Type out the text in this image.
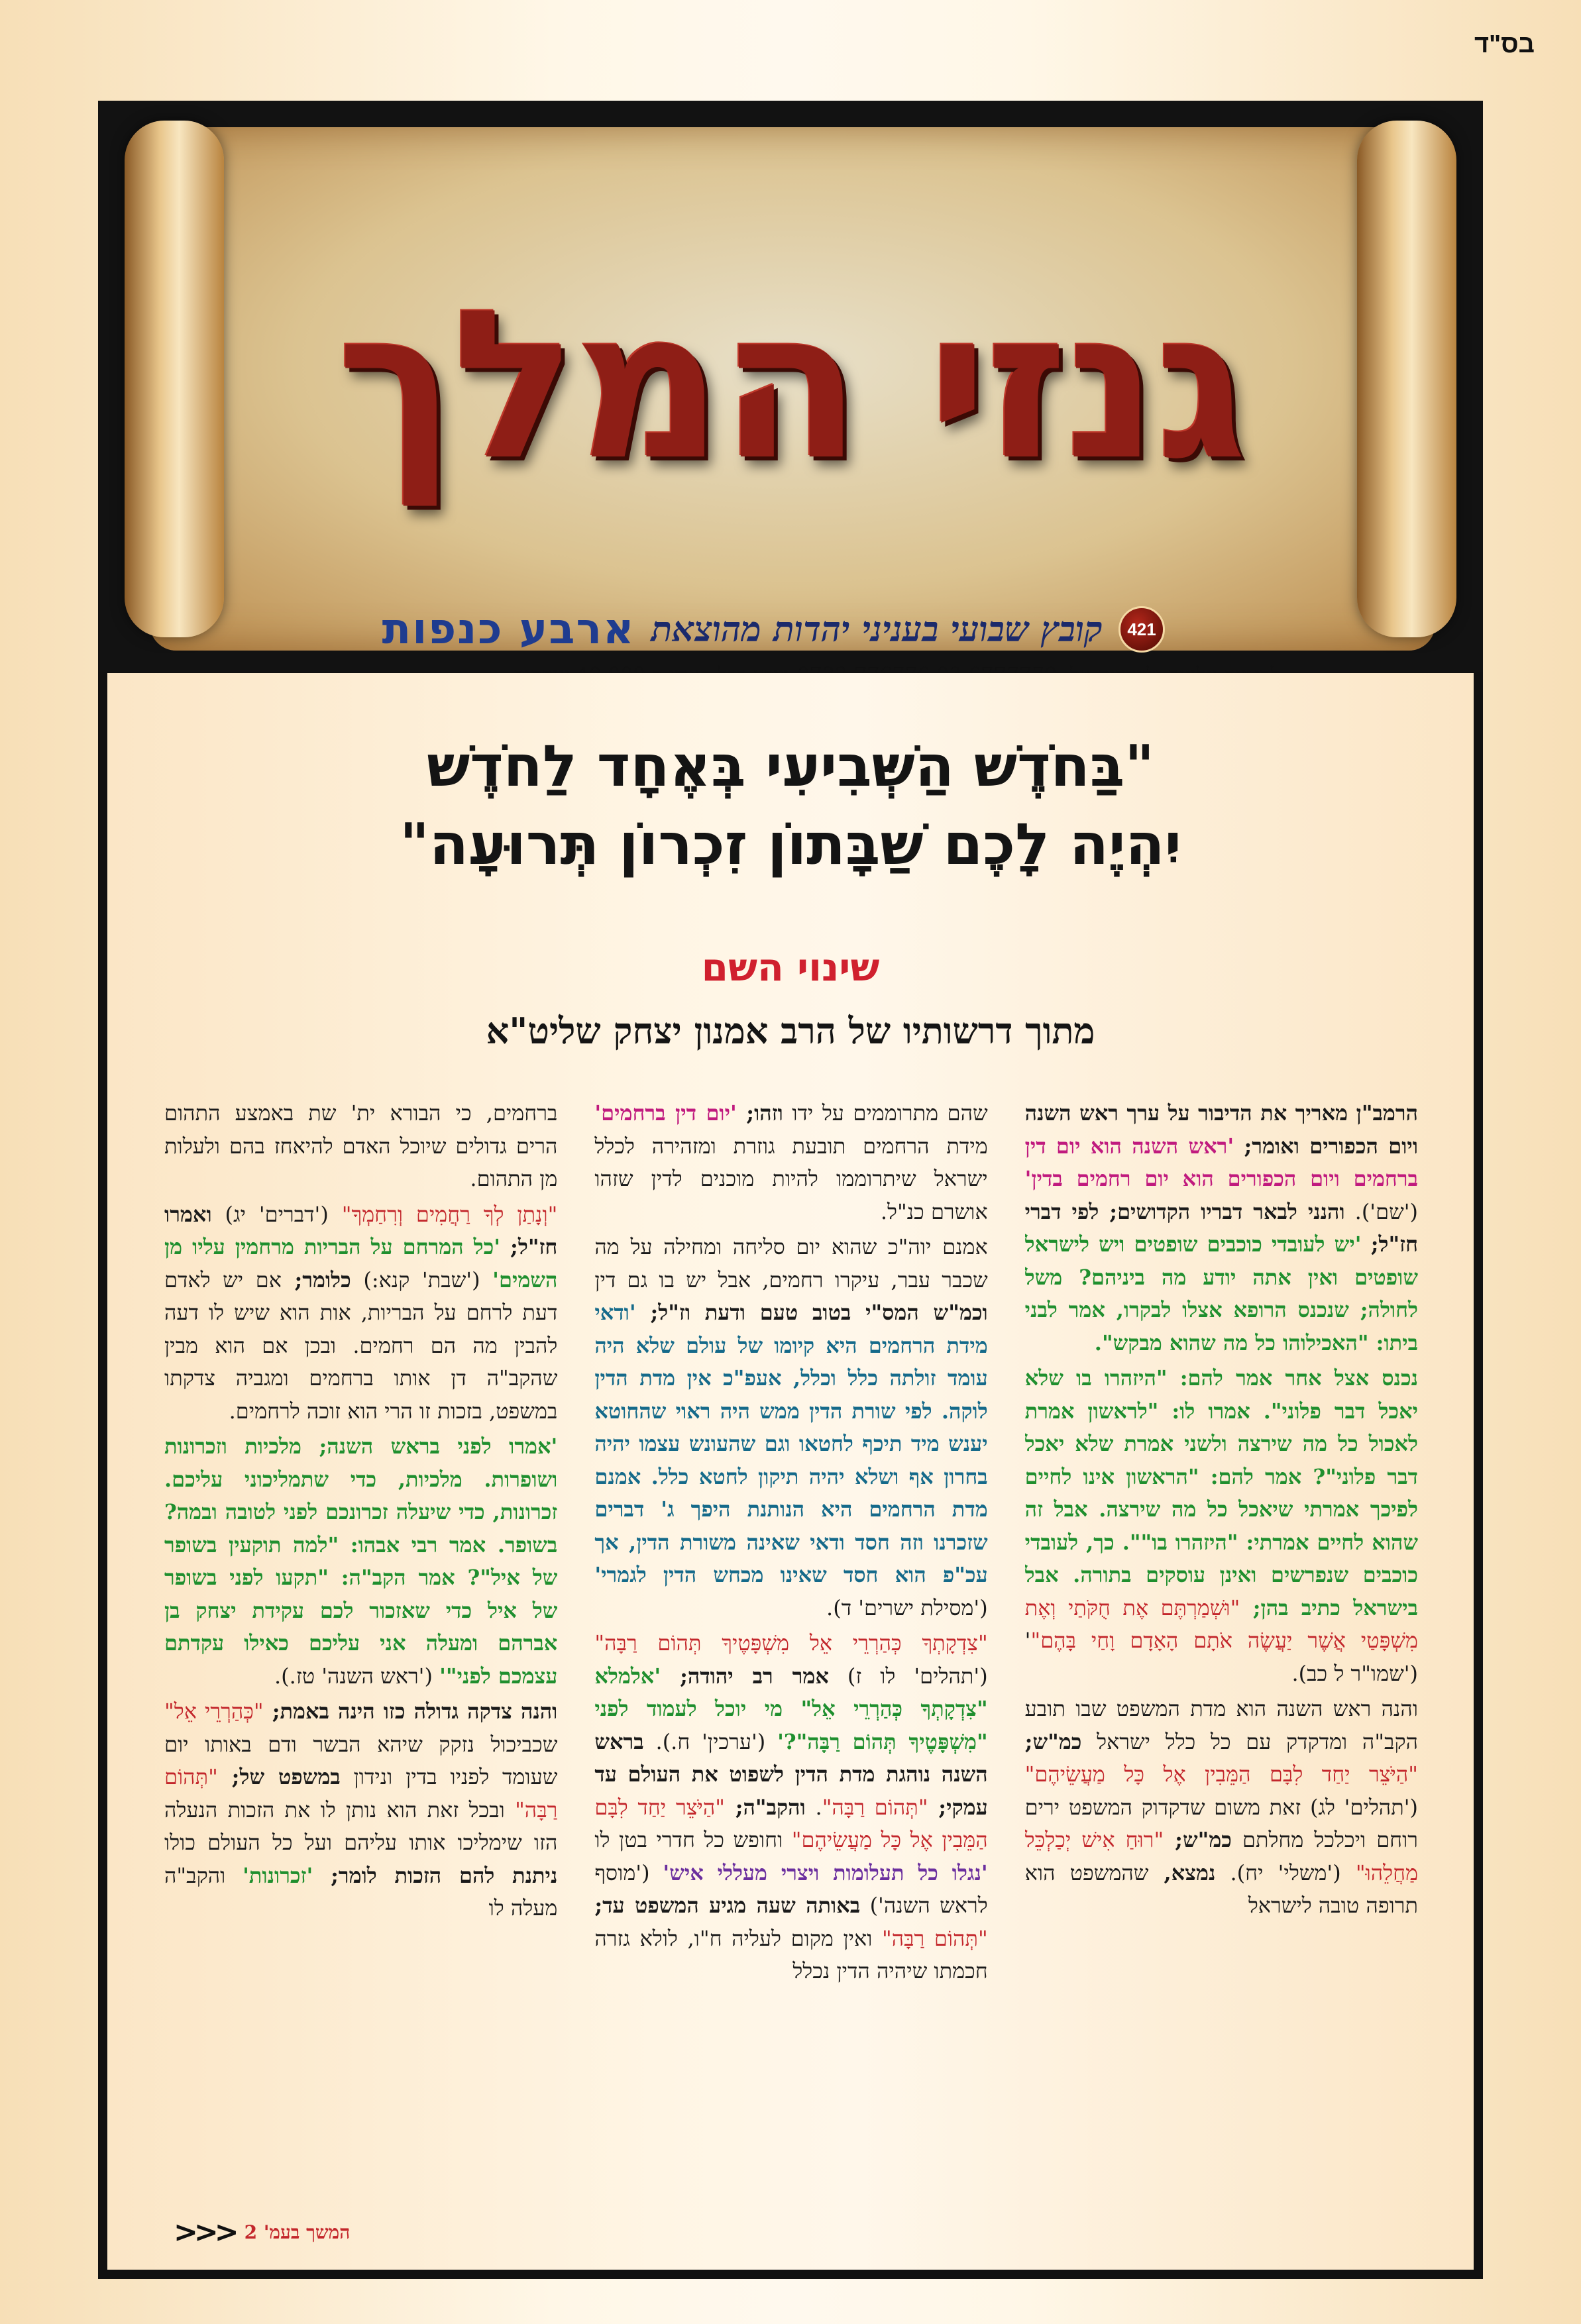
בס"ד
גנזי המלך
421
קובץ שבועי בעניני יהדות מהוצאת
ארבע כנפות
"בַּחֹדֶשׁ הַשְּׁבִיעִי בְּאֶחָד לַחֹדֶשׁ
יִהְיֶה לָכֶם שַׁבָּתוֹן זִכְרוֹן תְּרוּעָה"
שינוי השם
מתוך דרשותיו של הרב אמנון יצחק שליט"א

הרמב"ן מאריך את הדיבור על ערך ראש השנה ויום הכפורים ואומר; 'ראש השנה הוא יום דין ברחמים ויום הכפורים הוא יום רחמים בדין' ('שם'). והנני לבאר דבריו הקדושים; לפי דברי חז"ל; 'יש לעובדי כוכבים שופטים ויש לישראל שופטים ואין אתה יודע מה ביניהם? משל לחולה; שנכנס הרופא אצלו לבקרו, אמר לבני ביתו: "האכילוהו כל מה שהוא מבקש".

נכנס אצל אחר אמר להם: "היזהרו בו שלא יאכל דבר פלוני". אמרו לו: "לראשון אמרת לאכול כל מה שירצה ולשני אמרת שלא יאכל דבר פלוני"? אמר להם: "הראשון אינו לחיים לפיכך אמרתי שיאכל כל מה שירצה. אבל זה שהוא לחיים אמרתי: "היזהרו בו"". כך, לעובדי כוכבים שנפרשים ואינן עוסקים בתורה. אבל בישראל כתיב בהן; "וּשְׁמַרְתֶּם אֶת חֻקֹּתַי וְאֶת מִשְׁפָּטַי אֲשֶׁר יַעֲשֶׂה אֹתָם הָאָדָם וָחַי בָּהֶם"' ('שמו"ר ל כב).

והנה ראש השנה הוא מדת המשפט שבו תובע הקב"ה ומדקדק עם כל כלל ישראל כמ"ש; "הַיֹּצֵר יַחַד לִבָּם הַמֵּבִין אֶל כָּל מַעֲשֵׂיהֶם" ('תהלים' לג) זאת משום שדקדוק המשפט ירים רוחם ויכלכל מחלתם כמ"ש; "רוּחַ אִישׁ יְכַלְכֵּל מַחֲלֵהוּ" ('משלי' יח). נמצא, שהמשפט הוא תרופה טובה לישראל

שהם מתרוממים על ידו וזהו; 'יום דין ברחמים' מידת הרחמים תובעת גוזרת ומזהירה לכלל ישראל שיתרוממו להיות מוכנים לדין שזהו אושרם כנ"ל.

אמנם יוה"כ שהוא יום סליחה ומחילה על מה שכבר עבר, עיקרו רחמים, אבל יש בו גם דין וכמ"ש המס"י בטוב טעם ודעת וז"ל; 'ודאי מידת הרחמים היא קיומו של עולם שלא היה עומד זולתה כלל וכלל, אעפ"כ אין מדת הדין לוקה. לפי שורת הדין ממש היה ראוי שהחוטא יענש מיד תיכף לחטאו וגם שהעונש עצמו יהיה בחרון אף ושלא יהיה תיקון לחטא כלל. אמנם מדת הרחמים היא הנותנת היפך ג' דברים שזכרנו וזה חסד ודאי שאינה משורת הדין, אך עכ"פ הוא חסד שאינו מכחש הדין לגמרי' ('מסילת ישרים' ד).

"צִדְקָתְךָ כְּהַרְרֵי אֵל מִשְׁפָּטֶיךָ תְּהוֹם רַבָּה" ('תהלים' לו ז) אמר רב יהודה; 'אלמלא "צִדְקָתְךָ כְּהַרְרֵי אֵל" מי יוכל לעמוד לפני "מִשְׁפָּטֶיךָ תְּהוֹם רַבָּה"?' ('ערכין' ח.). בראש השנה נוהגת מדת הדין לשפוט את העולם עד עמקי; "תְּהוֹם רַבָּה". והקב"ה; "הַיֹּצֵר יַחַד לִבָּם הַמֵּבִין אֶל כָּל מַעֲשֵׂיהֶם" וחופש כל חדרי בטן לו 'נגלו כל תעלומות ויצרי מעללי איש' ('מוסף לראש השנה') באותה שעה מגיע המשפט עד; "תְּהוֹם רַבָּה" ואין מקום לעליה ח"ו, לולא גזרה חכמתו שיהיה הדין נכלל

ברחמים, כי הבורא ית' שת באמצע התהום הרים גדולים שיוכל האדם להיאחז בהם ולעלות מן התהום.

"וְנָתַן לְךָ רַחֲמִים וְרִחַמְךָ" ('דברים' יג) ואמרו חז"ל; 'כל המרחם על הבריות מרחמין עליו מן השמים' ('שבת' קנא:) כלומר; אם יש לאדם דעת לרחם על הבריות, אות הוא שיש לו דעה להבין מה הם רחמים. ובכן אם הוא מבין שהקב"ה דן אותו ברחמים ומגביה צדקתו במשפט, בזכות זו הרי הוא זוכה לרחמים.

'אמרו לפני בראש השנה; מלכיות וזכרונות ושופרות. מלכיות, כדי שתמליכוני עליכם. זכרונות, כדי שיעלה זכרונכם לפני לטובה ובמה? בשופר. אמר רבי אבהו: "למה תוקעין בשופר של איל"? אמר הקב"ה: "תקעו לפני בשופר של איל כדי שאזכור לכם עקידת יצחק בן אברהם ומעלה אני עליכם כאילו עקדתם עצמכם לפני"' ('ראש השנה' טז.).

והנה צדקה גדולה כזו הינה באמת; "כְּהַרְרֵי אֵל" שכביכול נזקק שיהא הבשר ודם באותו יום שעומד לפניו בדין ונידון במשפט של; "תְּהוֹם רַבָּה" ובכל זאת הוא נותן לו את הזכות הנעלה הזו שימליכו אותו עליהם ועל כל העולם כולו ניתנת להם הזכות לומר; 'זכרונות' והקב"ה מעלה לו

המשך בעמ' 2
<<<
